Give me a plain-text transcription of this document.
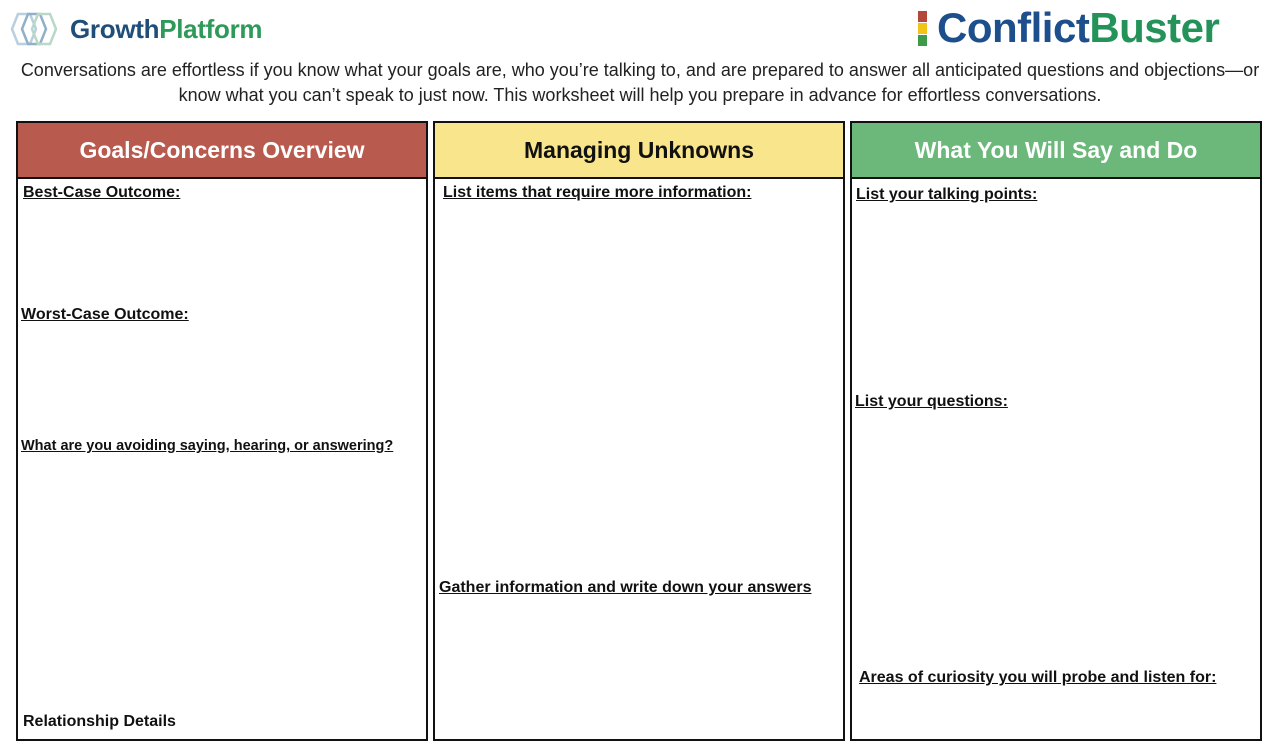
GrowthPlatform	ConflictBuster
Conversations are effortless if you know what your goals are, who you’re talking to, and are prepared to answer all anticipated questions and objections—or know what you can’t speak to just now. This worksheet will help you prepare in advance for effortless conversations.
Goals/Concerns Overview
Best-Case Outcome:
Worst-Case Outcome:
What are you avoiding saying, hearing, or answering?
Relationship Details
Managing Unknowns
List items that require more information:
Gather information and write down your answers
What You Will Say and Do
List your talking points:
List your questions:
Areas of curiosity you will probe and listen for:
